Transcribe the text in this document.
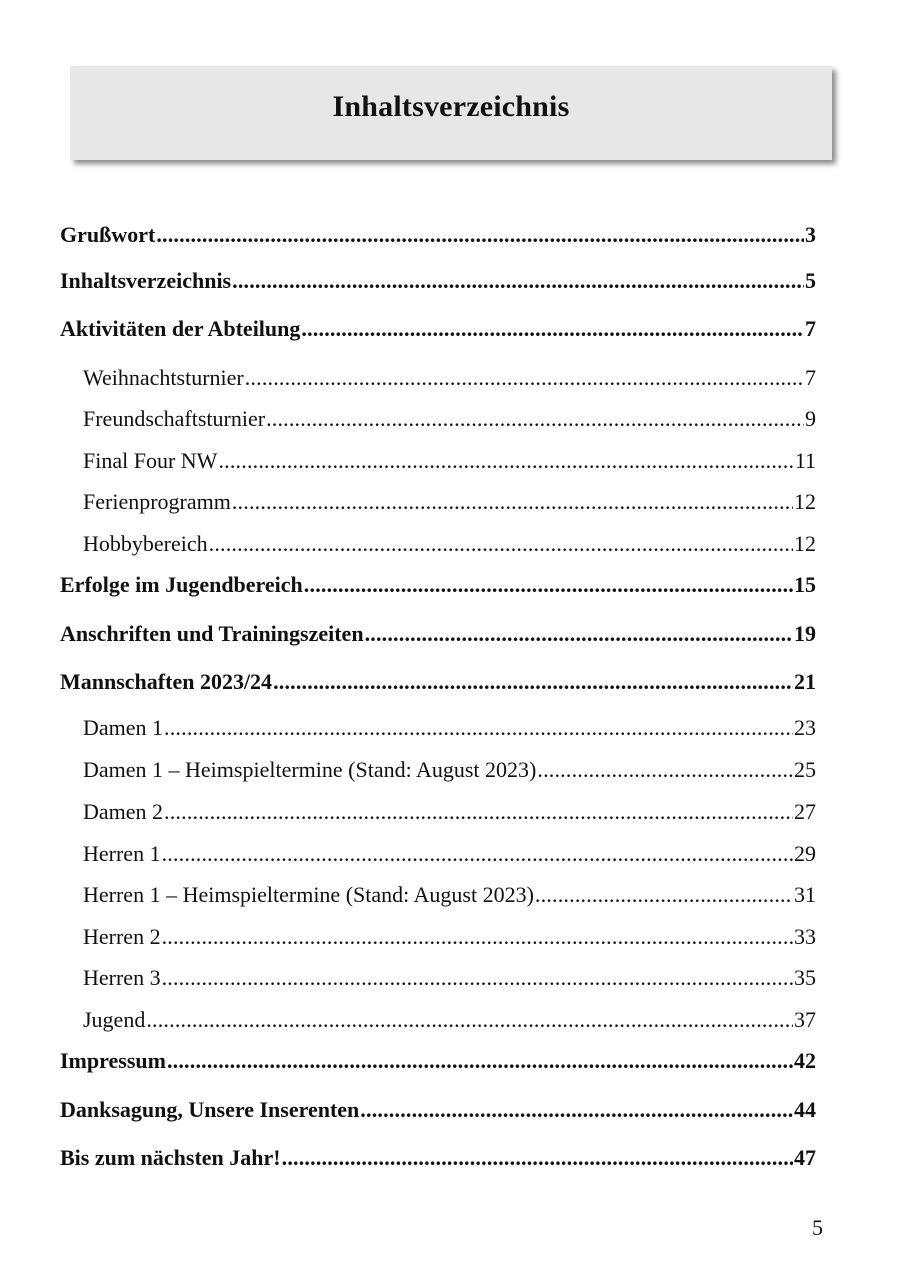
Inhaltsverzeichnis
Grußwort .....	3
Inhaltsverzeichnis .....	5
Aktivitäten der Abteilung .....	7
Weihnachtsturnier .....	7
Freundschaftsturnier .....	9
Final Four NW .....	11
Ferienprogramm .....	12
Hobbybereich .....	12
Erfolge im Jugendbereich .....	15
Anschriften und Trainingszeiten .....	19
Mannschaften 2023/24 .....	21
Damen 1 .....	23
Damen 1 – Heimspieltermine (Stand: August 2023) .....	25
Damen 2 .....	27
Herren 1 .....	29
Herren 1 – Heimspieltermine (Stand: August 2023) .....	31
Herren 2 .....	33
Herren 3 .....	35
Jugend .....	37
Impressum .....	42
Danksagung, Unsere Inserenten .....	44
Bis zum nächsten Jahr! .....	47
5
